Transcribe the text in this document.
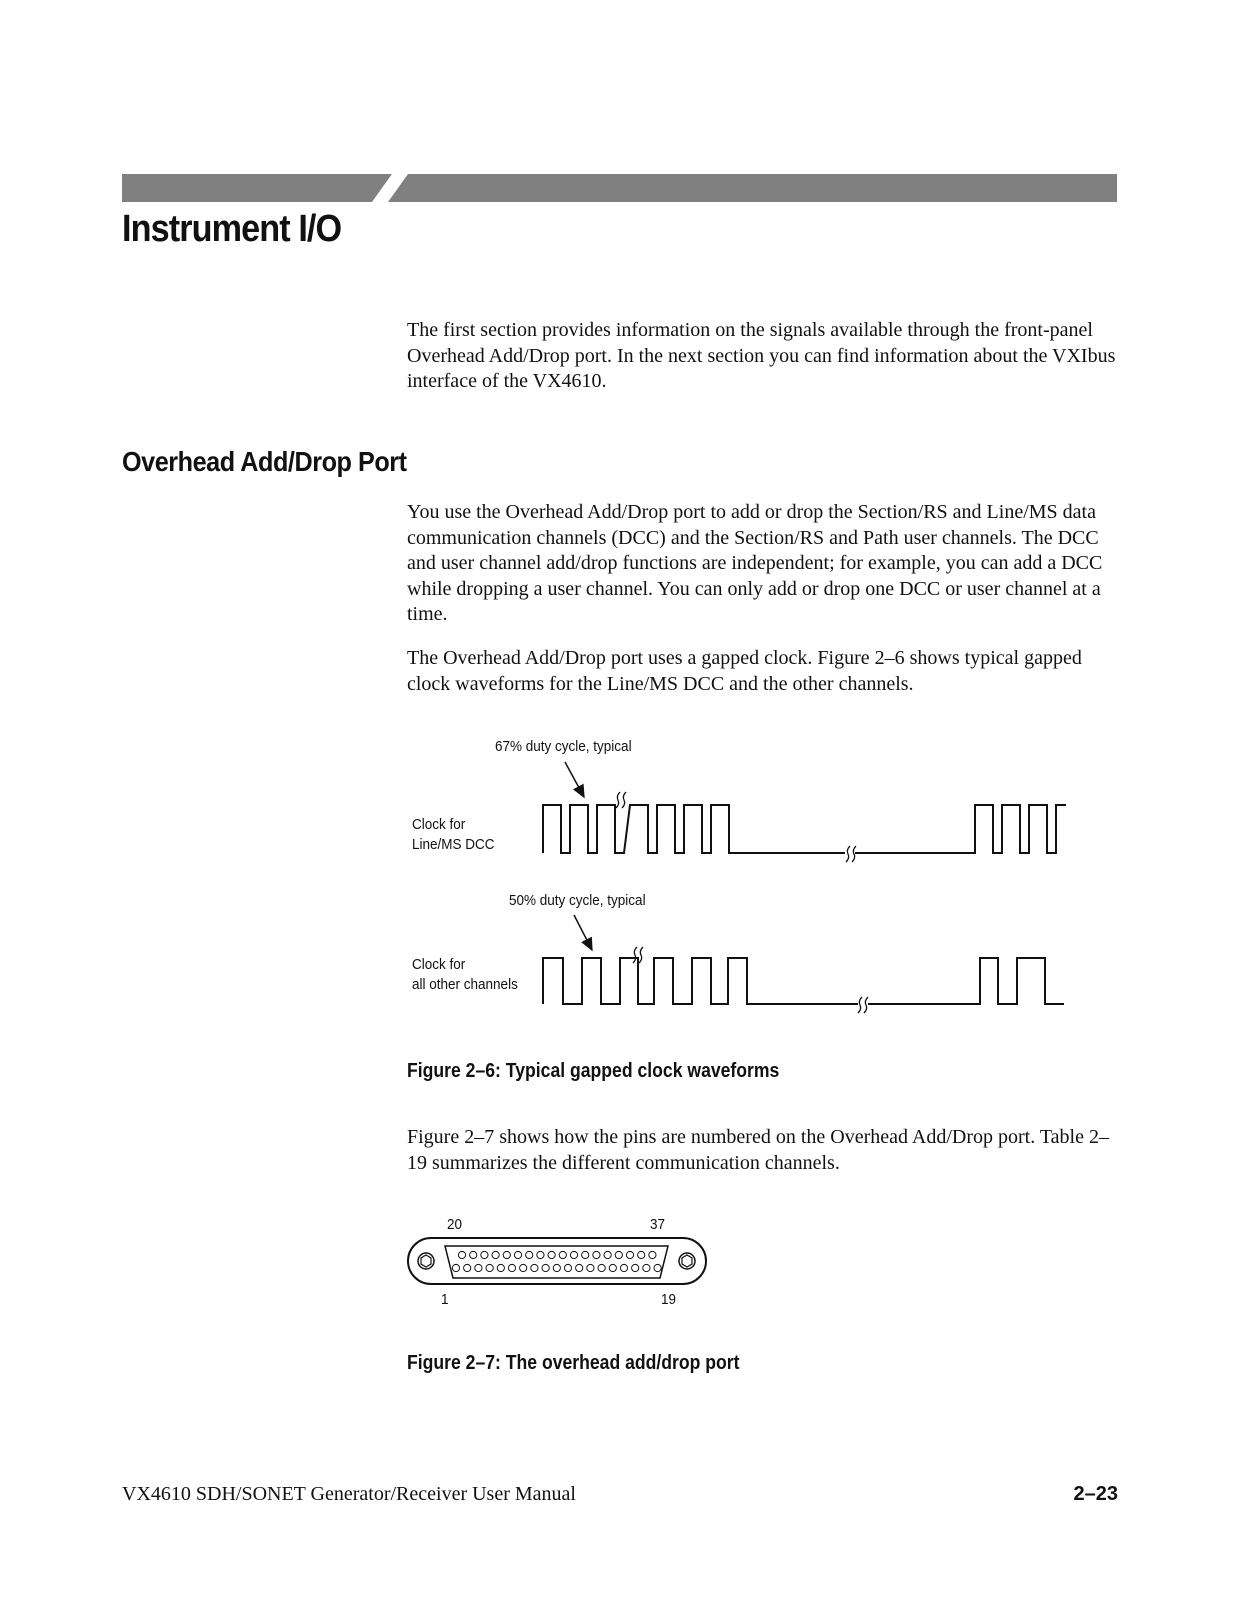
Instrument I/O

The first section provides information on the signals available through the front-panel Overhead Add/Drop port. In the next section you can find information about the VXIbus interface of the VX4610.

Overhead Add/Drop Port

You use the Overhead Add/Drop port to add or drop the Section/RS and Line/MS data communication channels (DCC) and the Section/RS and Path user channels. The DCC and user channel add/drop functions are independent; for example, you can add a DCC while dropping a user channel. You can only add or drop one DCC or user channel at a time.

The Overhead Add/Drop port uses a gapped clock. Figure 2–6 shows typical gapped clock waveforms for the Line/MS DCC and the other channels.

67% duty cycle, typical
Clock for
Line/MS DCC
50% duty cycle, typical
Clock for
all other channels
Figure 2–6: Typical gapped clock waveforms

Figure 2–7 shows how the pins are numbered on the Overhead Add/Drop port. Table 2–19 summarizes the different communication channels.

20	37
1	19
Figure 2–7: The overhead add/drop port
VX4610 SDH/SONET Generator/Receiver User Manual	2–23
